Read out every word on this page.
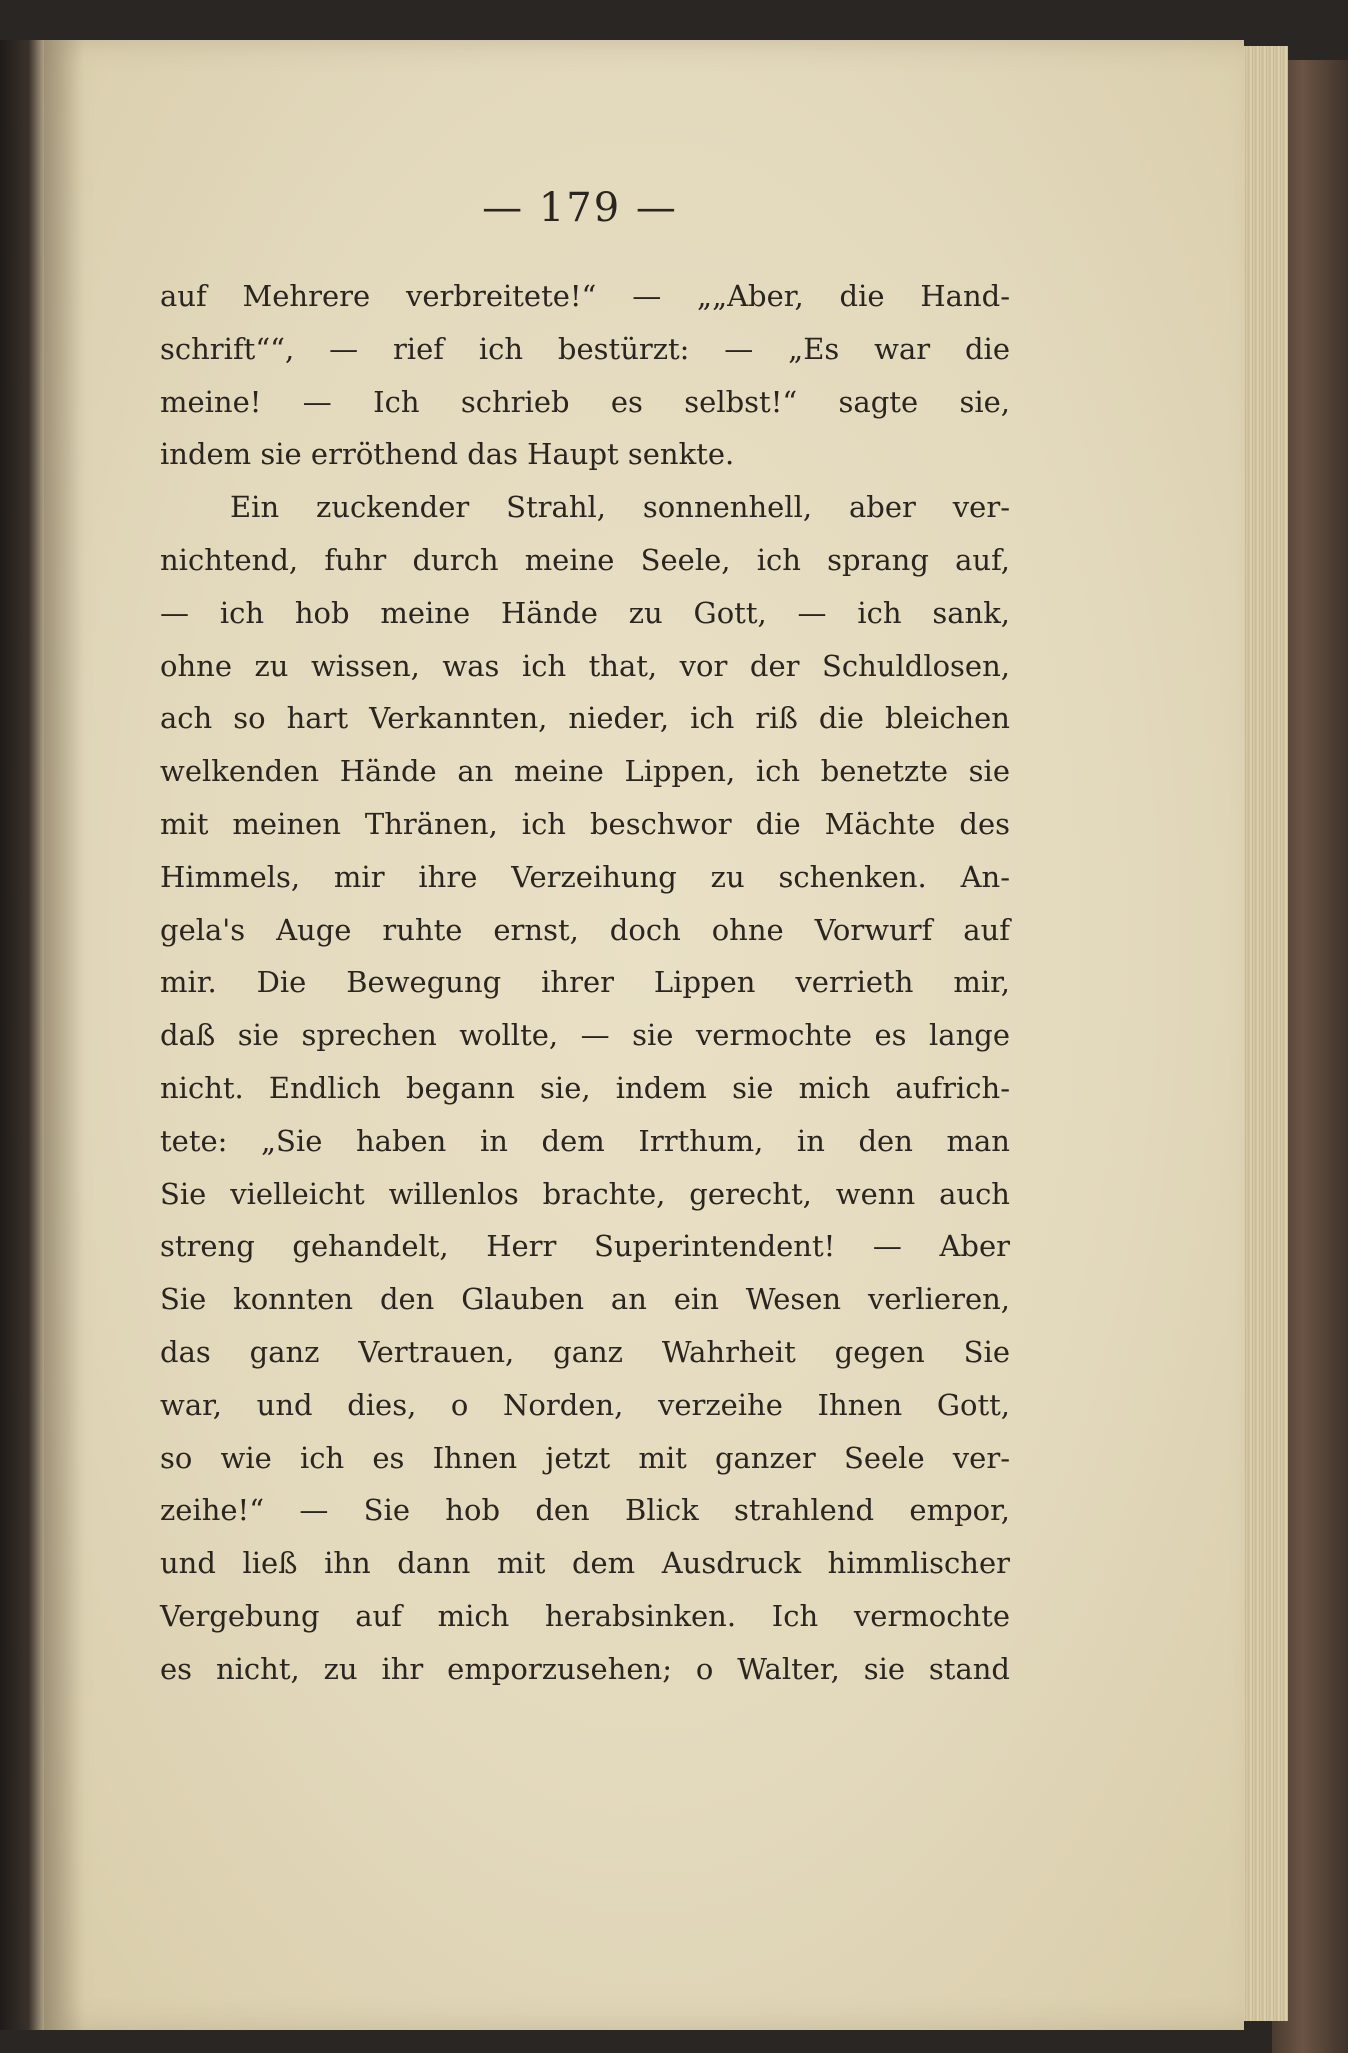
— 179 —
auf Mehrere verbreitete!“ — „„Aber, die Hand-
schrift““, — rief ich bestürzt: — „Es war die
meine! — Ich schrieb es selbst!“ sagte sie,
indem sie erröthend das Haupt senkte.
Ein zuckender Strahl, sonnenhell, aber ver-
nichtend, fuhr durch meine Seele, ich sprang auf,
— ich hob meine Hände zu Gott, — ich sank,
ohne zu wissen, was ich that, vor der Schuldlosen,
ach so hart Verkannten, nieder, ich riß die bleichen
welkenden Hände an meine Lippen, ich benetzte sie
mit meinen Thränen, ich beschwor die Mächte des
Himmels, mir ihre Verzeihung zu schenken. An-
gela's Auge ruhte ernst, doch ohne Vorwurf auf
mir. Die Bewegung ihrer Lippen verrieth mir,
daß sie sprechen wollte, — sie vermochte es lange
nicht. Endlich begann sie, indem sie mich aufrich-
tete: „Sie haben in dem Irrthum, in den man
Sie vielleicht willenlos brachte, gerecht, wenn auch
streng gehandelt, Herr Superintendent! — Aber
Sie konnten den Glauben an ein Wesen verlieren,
das ganz Vertrauen, ganz Wahrheit gegen Sie
war, und dies, o Norden, verzeihe Ihnen Gott,
so wie ich es Ihnen jetzt mit ganzer Seele ver-
zeihe!“ — Sie hob den Blick strahlend empor,
und ließ ihn dann mit dem Ausdruck himmlischer
Vergebung auf mich herabsinken. Ich vermochte
es nicht, zu ihr emporzusehen; o Walter, sie stand
